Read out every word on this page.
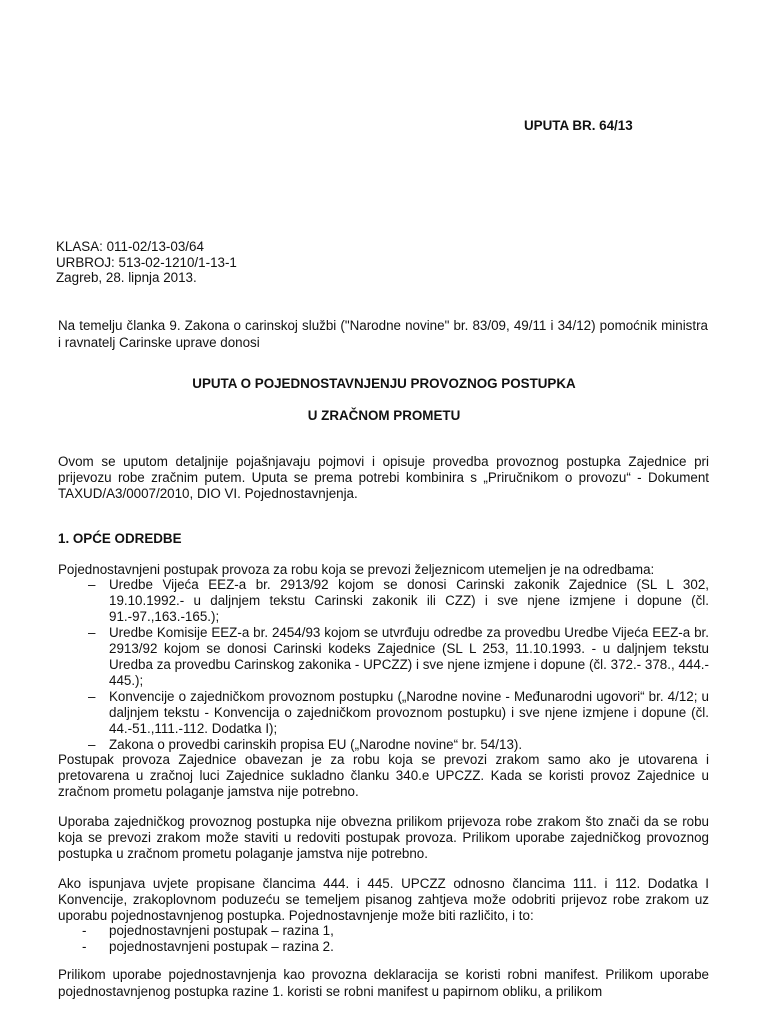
UPUTA BR. 64/13
KLASA: 011-02/13-03/64
URBROJ: 513-02-1210/1-13-1
Zagreb, 28. lipnja 2013.
Na temelju članka 9. Zakona o carinskoj službi ("Narodne novine" br. 83/09, 49/11 i 34/12) pomoćnik ministra i ravnatelj Carinske uprave donosi
UPUTA O POJEDNOSTAVNJENJU PROVOZNOG POSTUPKA
U ZRAČNOM PROMETU
Ovom se uputom detaljnije pojašnjavaju pojmovi i opisuje provedba provoznog postupka Zajednice pri prijevozu robe zračnim putem. Uputa se prema potrebi kombinira s „Priručnikom o provozu“ - Dokument TAXUD/A3/0007/2010, DIO VI. Pojednostavnjenja.
1. OPĆE ODREDBE
Pojednostavnjeni postupak provoza za robu koja se prevozi željeznicom utemeljen je na odredbama:
– Uredbe Vijeća EEZ-a br. 2913/92 kojom se donosi Carinski zakonik Zajednice (SL L 302, 19.10.1992.- u daljnjem tekstu Carinski zakonik ili CZZ) i sve njene izmjene i dopune (čl. 91.-97.,163.-165.);
– Uredbe Komisije EEZ-a br. 2454/93 kojom se utvrđuju odredbe za provedbu Uredbe Vijeća EEZ-a br. 2913/92 kojom se donosi Carinski kodeks Zajednice (SL L 253, 11.10.1993. - u daljnjem tekstu Uredba za provedbu Carinskog zakonika - UPCZZ) i sve njene izmjene i dopune (čl. 372.- 378., 444.- 445.);
– Konvencije o zajedničkom provoznom postupku („Narodne novine - Međunarodni ugovori“ br. 4/12; u daljnjem tekstu - Konvencija o zajedničkom provoznom postupku) i sve njene izmjene i dopune (čl. 44.-51.,111.-112. Dodatka I);
– Zakona o provedbi carinskih propisa EU („Narodne novine“ br. 54/13).
Postupak provoza Zajednice obavezan je za robu koja se prevozi zrakom samo ako je utovarena i pretovarena u zračnoj luci Zajednice sukladno članku 340.e UPCZZ. Kada se koristi provoz Zajednice u zračnom prometu polaganje jamstva nije potrebno.
Uporaba zajedničkog provoznog postupka nije obvezna prilikom prijevoza robe zrakom što znači da se robu koja se prevozi zrakom može staviti u redoviti postupak provoza. Prilikom uporabe zajedničkog provoznog postupka u zračnom prometu polaganje jamstva nije potrebno.
Ako ispunjava uvjete propisane člancima 444. i 445. UPCZZ odnosno člancima 111. i 112. Dodatka I Konvencije, zrakoplovnom poduzeću se temeljem pisanog zahtjeva može odobriti prijevoz robe zrakom uz uporabu pojednostavnjenog postupka. Pojednostavnjenje može biti različito, i to:
- pojednostavnjeni postupak – razina 1,
- pojednostavnjeni postupak – razina 2.
Prilikom uporabe pojednostavnjenja kao provozna deklaracija se koristi robni manifest. Prilikom uporabe pojednostavnjenog postupka razine 1. koristi se robni manifest u papirnom obliku, a prilikom
